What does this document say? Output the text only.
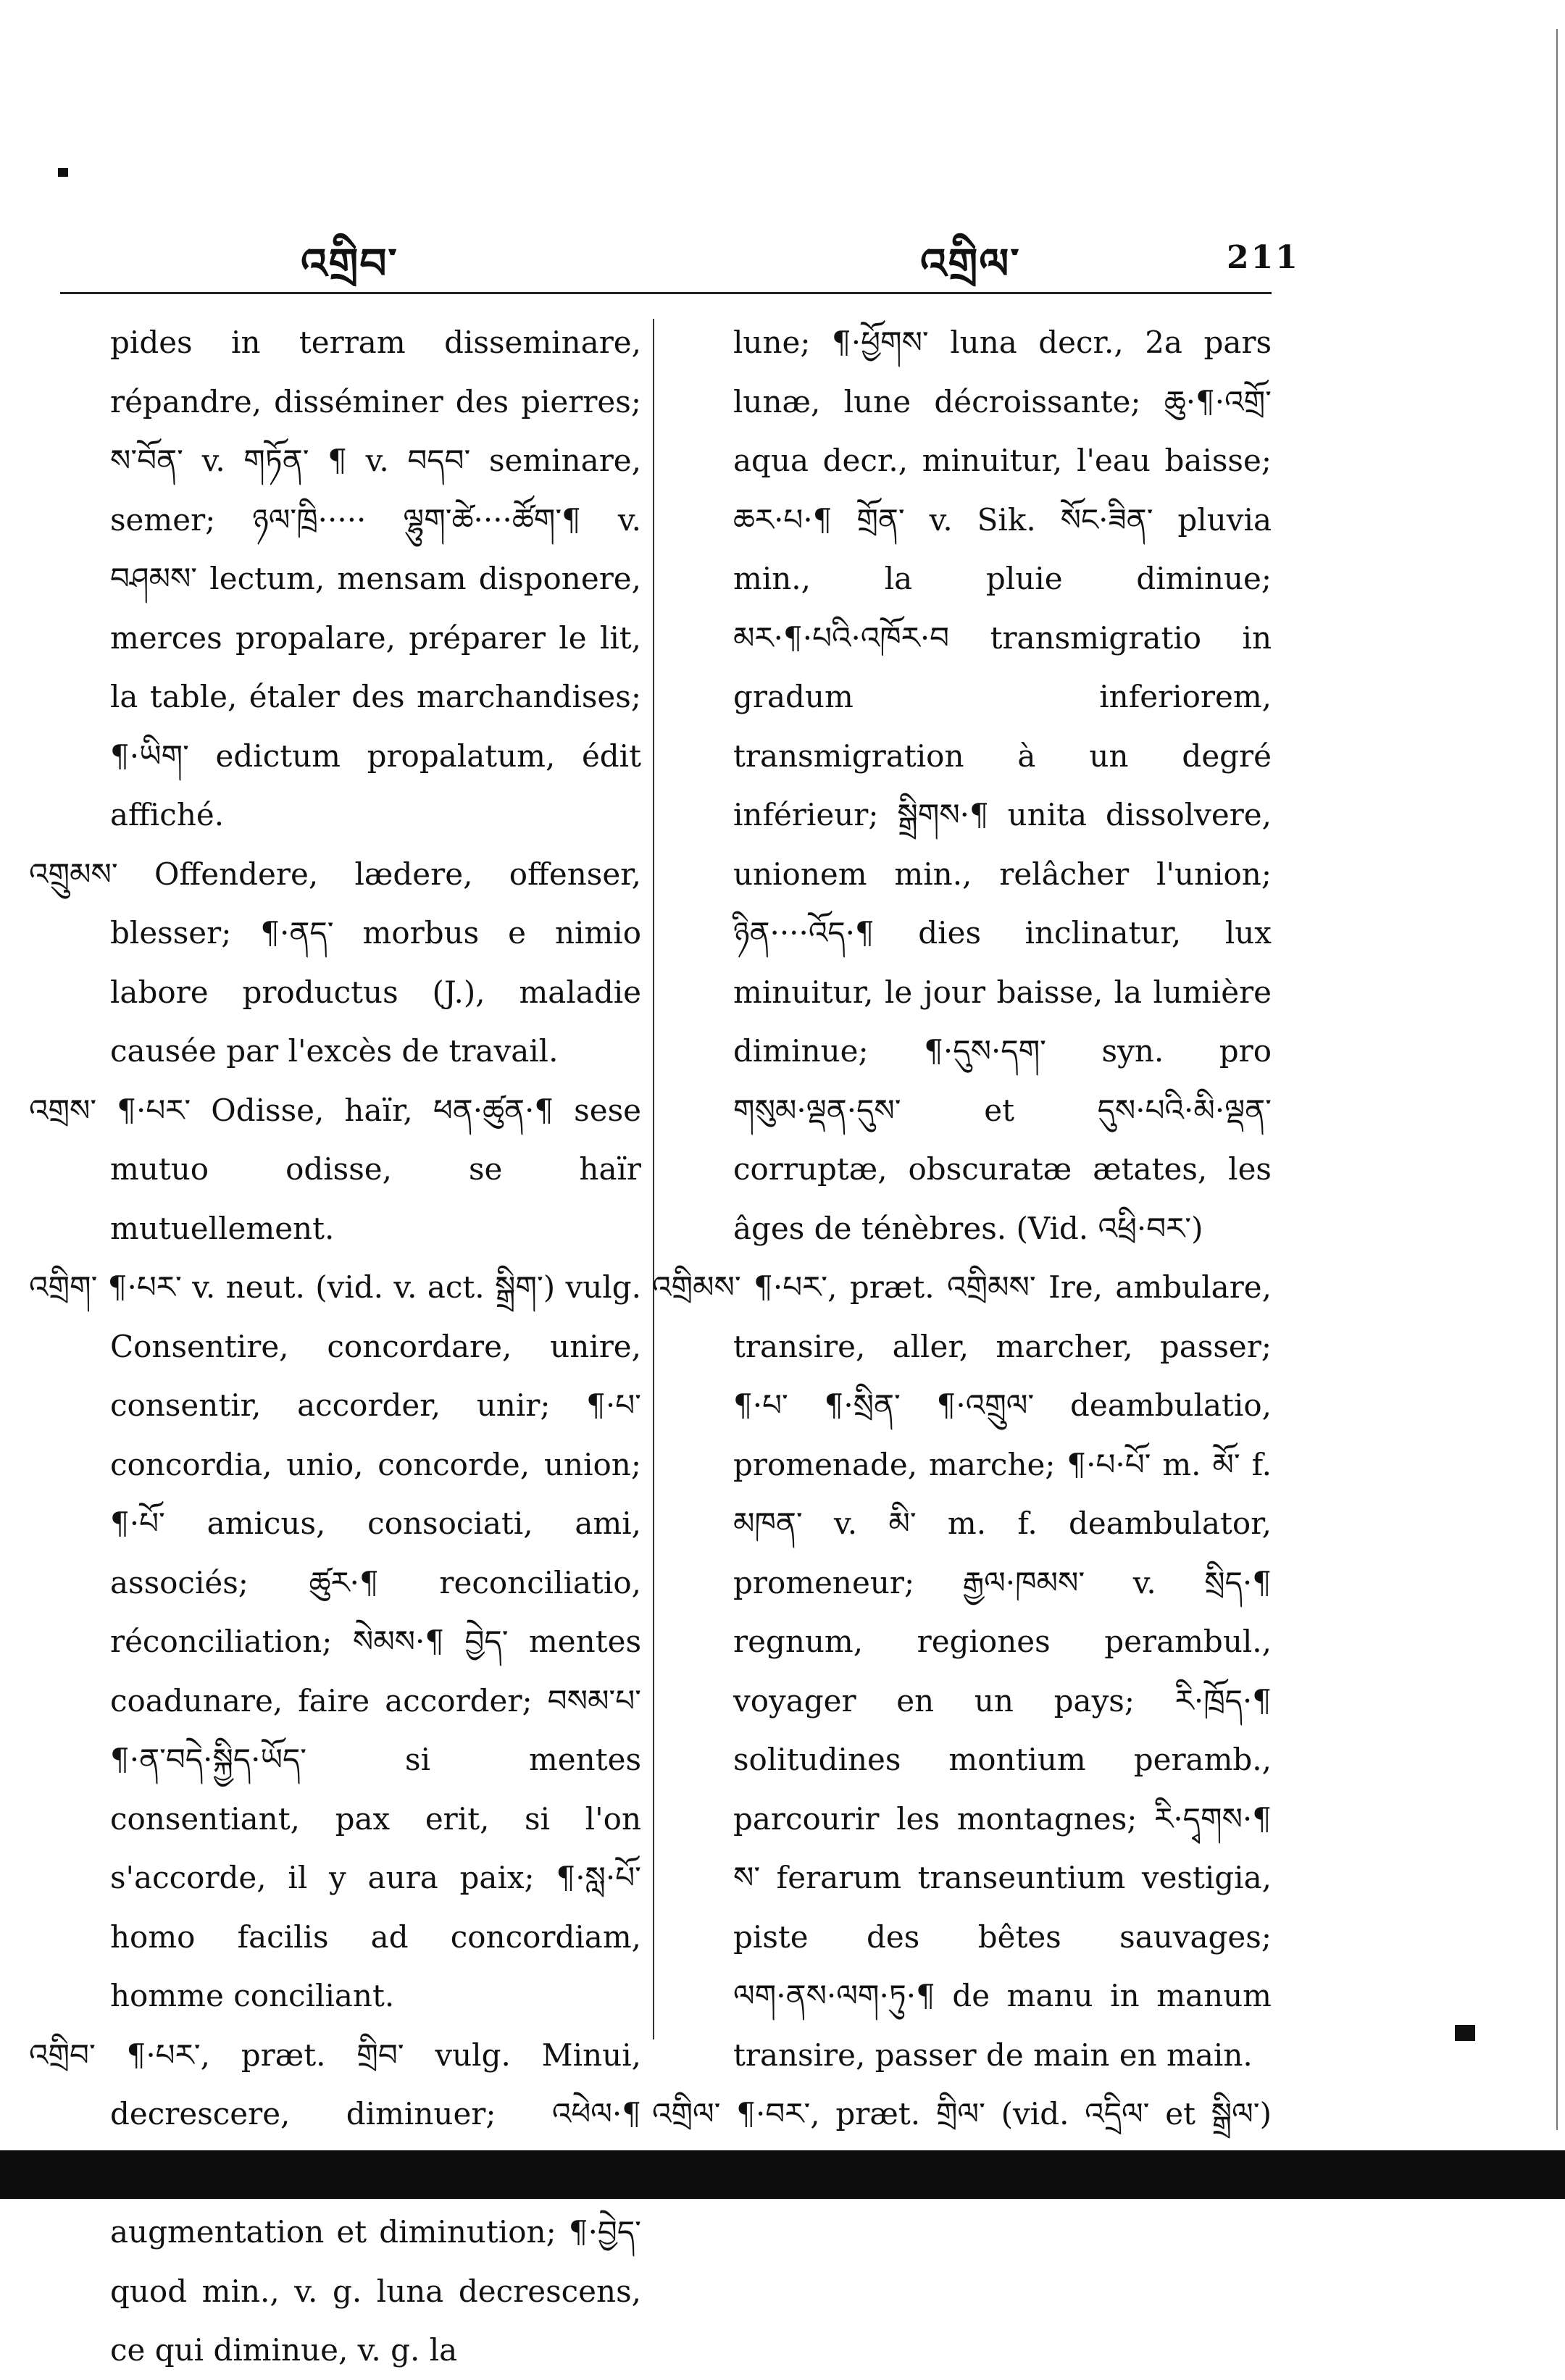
འགྲིབ་	འགྲིལ་	211

pides in terram disseminare, répandre, disséminer des pierres; ས་བོན་ v. གཏོན་ ¶ v. བདབ་ seminare, semer; ཉལ་ཁྲི····· ལྷུག་ཚེ····ཚོག་¶ v. བཤམས་ lectum, mensam disponere, merces propalare, préparer le lit, la table, étaler des marchandises; ¶·ཡིག་ edictum propalatum, édit affiché.

འགྲུམས་ Offendere, lædere, offenser, blesser; ¶·ནད་ morbus e nimio labore productus (J.), maladie causée par l'excès de travail.

འགྲས་ ¶·པར་ Odisse, haïr, ཕན·ཚུན·¶ sese mutuo odisse, se haïr mutuellement.

འགྲིག་ ¶·པར་ v. neut. (vid. v. act. སྒྲིག་) vulg. Consentire, concordare, unire, consentir, accorder, unir; ¶·པ་ concordia, unio, concorde, union; ¶·པོ་ amicus, consociati, ami, associés; ཚུར·¶ reconciliatio, réconciliation; སེམས·¶ བྱེད་ mentes coadunare, faire accorder; བསམ་པ་¶·ན་བདེ·སྐྱིད·ཡོད་ si mentes consentiant, pax erit, si l'on s'accorde, il y aura paix; ¶·སླ·པོ་ homo facilis ad concordiam, homme conciliant.

འགྲིབ་ ¶·པར་, præt. གྲིབ་ vulg. Minui, decrescere, diminuer; འཕེལ·¶ augmentation et diminution; ¶·བྱེད་ quod min., v. g. luna decrescens, ce qui diminue, v. g. la

lune; ¶·ཕྱོགས་ luna decr., 2a pars lunæ, lune décroissante; ཆུ·¶·འགྲོ་ aqua decr., minuitur, l'eau baisse; ཆར·པ·¶ གྲོན་ v. Sik. སོང·ཟིན་ pluvia min., la pluie diminue; མར·¶·པའི·འཁོར·བ transmigratio in gradum inferiorem, transmigration à un degré inférieur; སྒྲིགས·¶ unita dissolvere, unionem min., relâcher l'union; ཉིན····འོད·¶ dies inclinatur, lux minuitur, le jour baisse, la lumière diminue; ¶·དུས·དག་ syn. pro གསུམ·ལྡན·དུས་ et དུས·པའི·མི·ལྡན་ corruptæ, obscuratæ ætates, les âges de ténèbres. (Vid. འཕྲི·བར་)

འགྲིམས་ ¶·པར་, præt. འགྲིམས་ Ire, ambulare, transire, aller, marcher, passer; ¶·པ་ ¶·སྲིན་ ¶·འགྲུལ་ deambulatio, promenade, marche; ¶·པ·པོ་ m. མོ་ f. མཁན་ v. མི་ m. f. deambulator, promeneur; རྒྱལ·ཁམས་ v. སྲིད·¶ regnum, regiones perambul., voyager en un pays; རི·ཁྲོད·¶ solitudines montium peramb., parcourir les montagnes; རི·དྭགས·¶ ས་ ferarum transeuntium vestigia, piste des bêtes sauvages; ལག·ནས·ལག·ཏུ·¶ de manu in manum transire, passer de main en main.

འགྲིལ་ ¶·བར་, præt. གྲིལ་ (vid. འདྲིལ་ et སྒྲིལ་)
